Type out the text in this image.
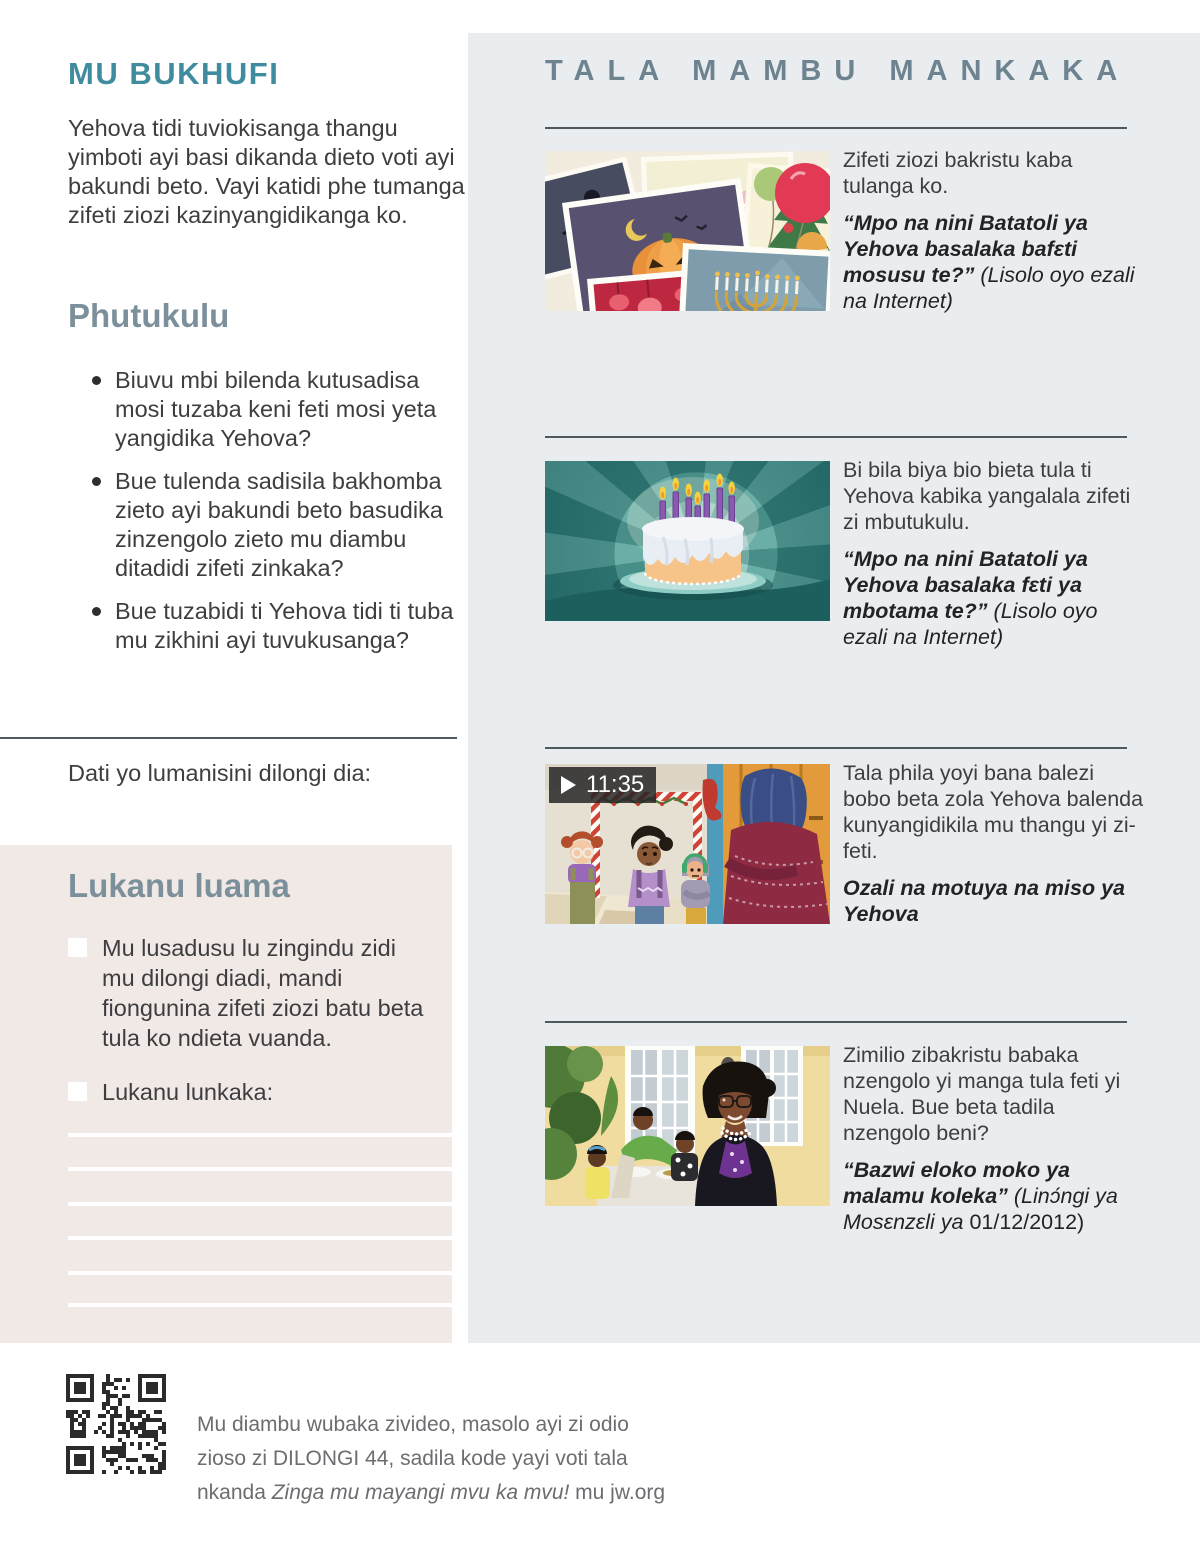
MU BUKHUFI

Yehova tidi tuviokisanga thangu yimboti ayi basi dikanda dieto voti ayi bakundi beto. Vayi katidi phe tumanga zifeti ziozi kazinyangidikanga ko.

Phutukulu
Biuvu mbi bilenda kutusadisa mosi tuzaba keni feti mosi yeta yangidika Yehova?
Bue tulenda sadisila bakhomba zieto ayi bakundi beto basudika zinzengolo zieto mu diambu ditadidi zifeti zinkaka?
Bue tuzabidi ti Yehova tidi ti tuba mu zikhini ayi tuvukusanga?

Dati yo lumanisini dilongi dia:

Lukanu luama

Mu lusadusu lu zingindu zidi mu dilongi diadi, mandi fiongunina zifeti ziozi batu beta tula ko ndieta vuanda.

Lukanu lunkaka:

TALA MAMBU MANKAKA

Zifeti ziozi bakristu kaba tulanga ko.

“Mpo na nini Batatoli ya Yehova basalaka bafɛti mosusu te?” (Lisolo oyo ezali na Internet)

Bi bila biya bio bieta tula ti Yehova kabika yangalala zifeti zi mbutukulu.

“Mpo na nini Batatoli ya Yehova basalaka fɛti ya mbotama te?” (Lisolo oyo ezali na Internet)

11:35	Tala phila yoyi bana balezi bobo beta zola Yehova balenda kunyangidikila mu thangu yi zifeti.

Ozali na motuya na miso ya Yehova

Zimilio zibakristu babaka nzengolo yi manga tula feti yi Nuela. Bue beta tadila nzengolo beni?

“Bazwi eloko moko ya malamu koleka” (Linɔ́ngi ya Mosɛnzɛli ya 01/12/2012)

Mu diambu wubaka zivideo, masolo ayi zi odio zioso zi DILONGI 44, sadila kode yayi voti tala nkanda Zinga mu mayangi mvu ka mvu! mu jw.org
